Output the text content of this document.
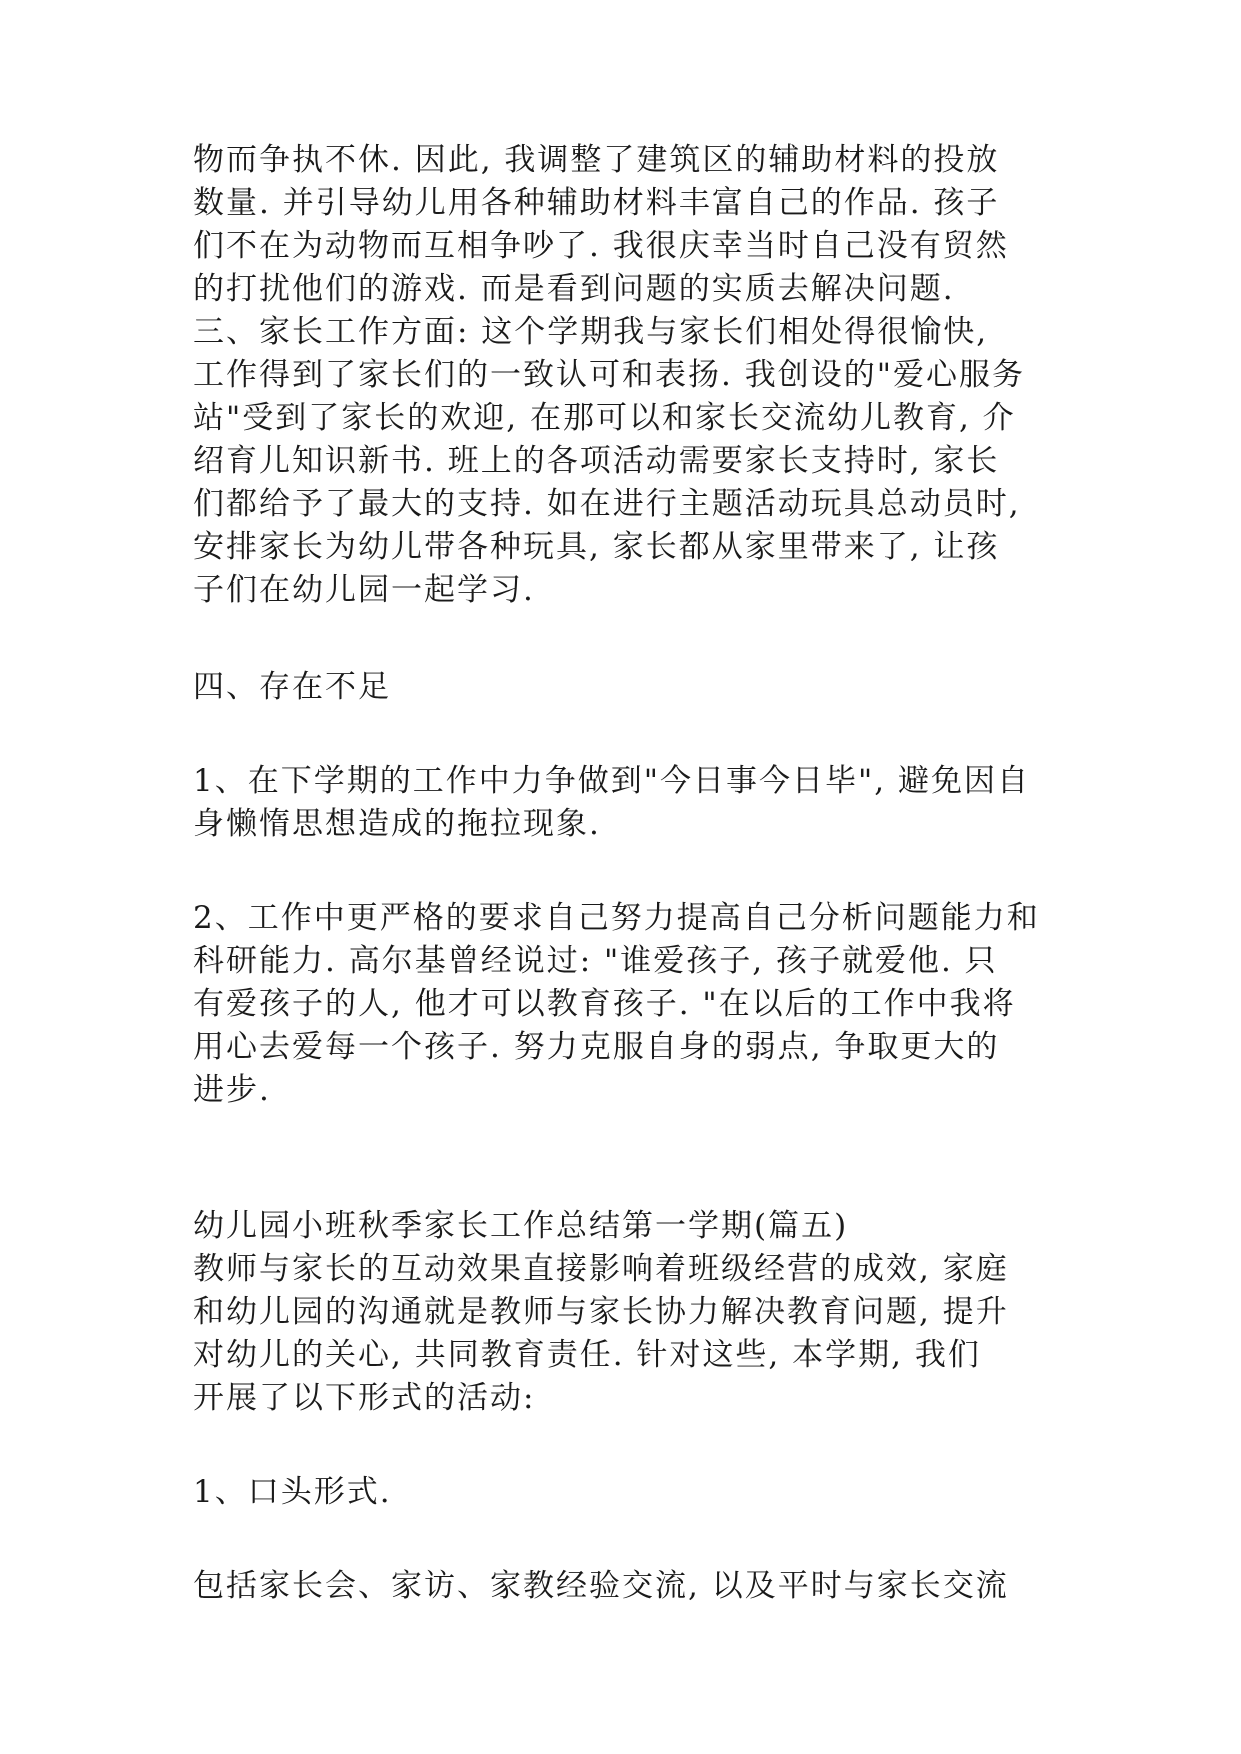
物而争执不休. 因此, 我调整了建筑区的辅助材料的投放
数量. 并引导幼儿用各种辅助材料丰富自己的作品. 孩子
们不在为动物而互相争吵了. 我很庆幸当时自己没有贸然
的打扰他们的游戏. 而是看到问题的实质去解决问题.
三、家长工作方面: 这个学期我与家长们相处得很愉快,
工作得到了家长们的一致认可和表扬. 我创设的"爱心服务
站"受到了家长的欢迎, 在那可以和家长交流幼儿教育, 介
绍育儿知识新书. 班上的各项活动需要家长支持时, 家长
们都给予了最大的支持. 如在进行主题活动玩具总动员时,
安排家长为幼儿带各种玩具, 家长都从家里带来了, 让孩
子们在幼儿园一起学习.
四、存在不足
1、在下学期的工作中力争做到"今日事今日毕", 避免因自
身懒惰思想造成的拖拉现象.
2、工作中更严格的要求自己努力提高自己分析问题能力和
科研能力. 高尔基曾经说过: "谁爱孩子, 孩子就爱他. 只
有爱孩子的人, 他才可以教育孩子. "在以后的工作中我将
用心去爱每一个孩子. 努力克服自身的弱点, 争取更大的
进步.
幼儿园小班秋季家长工作总结第一学期(篇五)
教师与家长的互动效果直接影响着班级经营的成效, 家庭
和幼儿园的沟通就是教师与家长协力解决教育问题, 提升
对幼儿的关心, 共同教育责任. 针对这些, 本学期, 我们
开展了以下形式的活动:
1、口头形式.
包括家长会、家访、家教经验交流, 以及平时与家长交流
